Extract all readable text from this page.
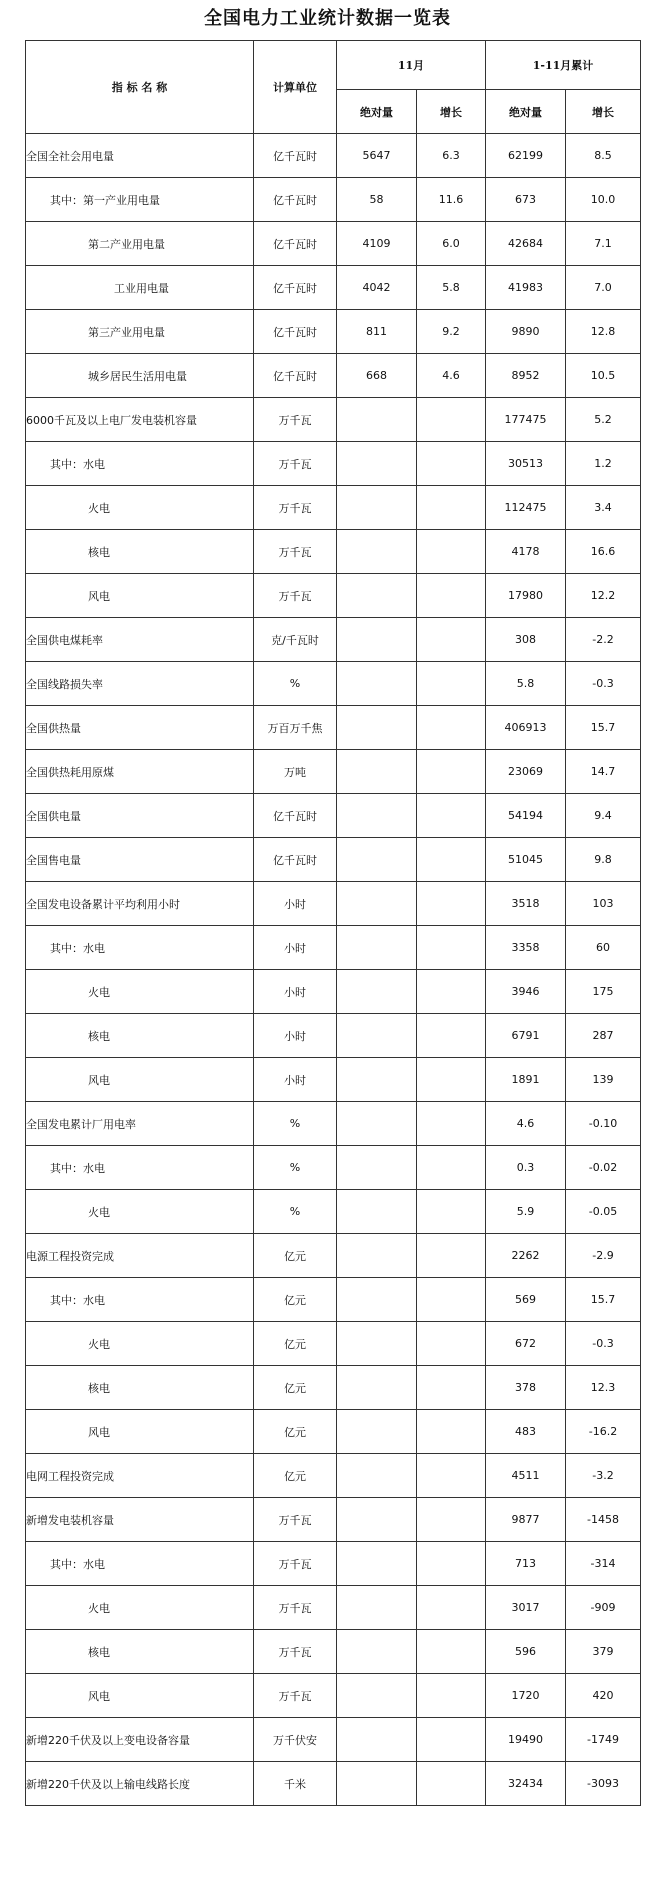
全国电力工业统计数据一览表
指 标 名 称	计算单位	11月		1-11月累计	
		绝对量	增长	绝对量	增长
全国全社会用电量	亿千瓦时	5647	6.3	62199	8.5
其中：第一产业用电量	亿千瓦时	58	11.6	673	10.0
第二产业用电量	亿千瓦时	4109	6.0	42684	7.1
工业用电量	亿千瓦时	4042	5.8	41983	7.0
第三产业用电量	亿千瓦时	811	9.2	9890	12.8
城乡居民生活用电量	亿千瓦时	668	4.6	8952	10.5
6000千瓦及以上电厂发电装机容量	万千瓦			177475	5.2
其中：水电	万千瓦			30513	1.2
火电	万千瓦			112475	3.4
核电	万千瓦			4178	16.6
风电	万千瓦			17980	12.2
全国供电煤耗率	克/千瓦时			308	-2.2
全国线路损失率	%			5.8	-0.3
全国供热量	万百万千焦			406913	15.7
全国供热耗用原煤	万吨			23069	14.7
全国供电量	亿千瓦时			54194	9.4
全国售电量	亿千瓦时			51045	9.8
全国发电设备累计平均利用小时	小时			3518	103
其中：水电	小时			3358	60
火电	小时			3946	175
核电	小时			6791	287
风电	小时			1891	139
全国发电累计厂用电率	%			4.6	-0.10
其中：水电	%			0.3	-0.02
火电	%			5.9	-0.05
电源工程投资完成	亿元			2262	-2.9
其中：水电	亿元			569	15.7
火电	亿元			672	-0.3
核电	亿元			378	12.3
风电	亿元			483	-16.2
电网工程投资完成	亿元			4511	-3.2
新增发电装机容量	万千瓦			9877	-1458
其中：水电	万千瓦			713	-314
火电	万千瓦			3017	-909
核电	万千瓦			596	379
风电	万千瓦			1720	420
新增220千伏及以上变电设备容量	万千伏安			19490	-1749
新增220千伏及以上输电线路长度	千米			32434	-3093
